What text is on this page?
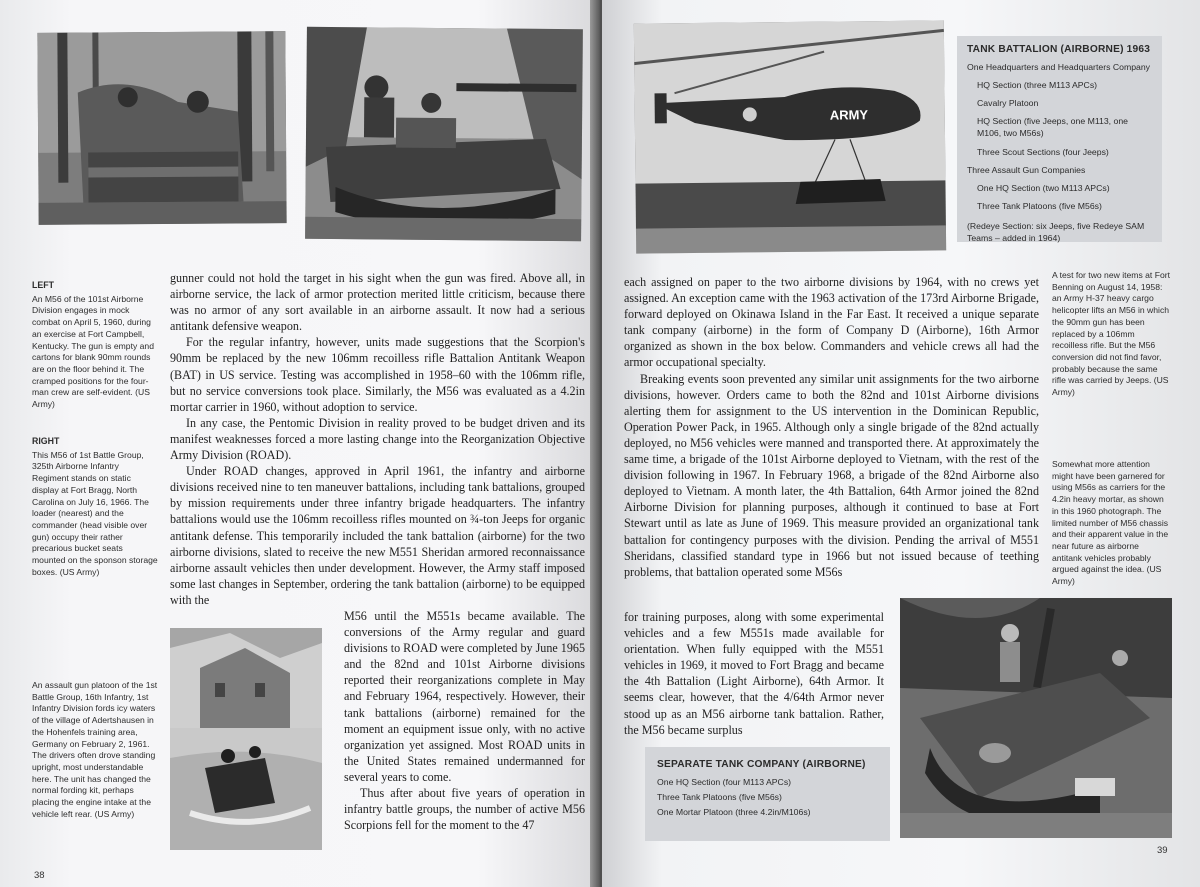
LEFT
An M56 of the 101st Airborne Division engages in mock combat on April 5, 1960, during an exercise at Fort Campbell, Kentucky. The gun is empty and cartons for blank 90mm rounds are on the floor behind it. The cramped positions for the four-man crew are self-evident. (US Army)
RIGHT
This M56 of 1st Battle Group, 325th Airborne Infantry Regiment stands on static display at Fort Bragg, North Carolina on July 16, 1966. The loader (nearest) and the commander (head visible over gun) occupy their rather precarious bucket seats mounted on the sponson storage boxes. (US Army)
An assault gun platoon of the 1st Battle Group, 16th Infantry, 1st Infantry Division fords icy waters of the village of Adertshausen in the Hohenfels training area, Germany on February 2, 1961. The drivers often drove standing upright, most understandable here. The unit has changed the normal fording kit, perhaps placing the engine intake at the vehicle left rear. (US Army)

gunner could not hold the target in his sight when the gun was fired. Above all, in airborne service, the lack of armor protection merited little criticism, because there was no armor of any sort available in an airborne assault. It now had a serious antitank defensive weapon.

For the regular infantry, however, units made suggestions that the Scorpion's 90mm be replaced by the new 106mm recoilless rifle Battalion Antitank Weapon (BAT) in US service. Testing was accomplished in 1958–60 with the 106mm rifle, but no service conversions took place. Similarly, the M56 was evaluated as a 4.2in mortar carrier in 1960, without adoption to service.

In any case, the Pentomic Division in reality proved to be budget driven and its manifest weaknesses forced a more lasting change into the Reorganization Objective Army Division (ROAD).

Under ROAD changes, approved in April 1961, the infantry and airborne divisions received nine to ten maneuver battalions, including tank battalions, grouped by mission requirements under three infantry brigade headquarters. The infantry battalions would use the 106mm recoilless rifles mounted on ¾-ton Jeeps for organic antitank defense. This temporarily included the tank battalion (airborne) for the two airborne divisions, slated to receive the new M551 Sheridan armored reconnaissance airborne assault vehicles then under development. However, the Army staff imposed some last changes in September, ordering the tank battalion (airborne) to be equipped with the

M56 until the M551s became available. The conversions of the Army regular and guard divisions to ROAD were completed by June 1965 and the 82nd and 101st Airborne divisions reported their reorganizations complete in May and February 1964, respectively. However, their tank battalions (airborne) remained for the moment an equipment issue only, with no active organization yet assigned. Most ROAD units in the United States remained undermanned for several years to come.

Thus after about five years of operation in infantry battle groups, the number of active M56 Scorpions fell for the moment to the 47

38
ARMY
TANK BATTALION (AIRBORNE) 1963
One Headquarters and Headquarters Company
HQ Section (three M113 APCs)
Cavalry Platoon
HQ Section (five Jeeps, one M113, one M106, two M56s)
Three Scout Sections (four Jeeps)
Three Assault Gun Companies
One HQ Section (two M113 APCs)
Three Tank Platoons (five M56s)
(Redeye Section: six Jeeps, five Redeye SAM Teams – added in 1964)

each assigned on paper to the two airborne divisions by 1964, with no crews yet assigned. An exception came with the 1963 activation of the 173rd Airborne Brigade, forward deployed on Okinawa Island in the Far East. It received a unique separate tank company (airborne) in the form of Company D (Airborne), 16th Armor organized as shown in the box below. Commanders and vehicle crews all had the armor occupational specialty.

Breaking events soon prevented any similar unit assignments for the two airborne divisions, however. Orders came to both the 82nd and 101st Airborne divisions alerting them for assignment to the US intervention in the Dominican Republic, Operation Power Pack, in 1965. Although only a single brigade of the 82nd actually deployed, no M56 vehicles were manned and transported there. At approximately the same time, a brigade of the 101st Airborne deployed to Vietnam, with the rest of the division following in 1967. In February 1968, a brigade of the 82nd Airborne also deployed to Vietnam. A month later, the 4th Battalion, 64th Armor joined the 82nd Airborne Division for planning purposes, although it continued to base at Fort Stewart until as late as June of 1969. This measure provided an organizational tank battalion for contingency purposes with the division. Pending the arrival of M551 Sheridans, classified standard type in 1966 but not issued because of teething problems, that battalion operated some M56s

A test for two new items at Fort Benning on August 14, 1958: an Army H-37 heavy cargo helicopter lifts an M56 in which the 90mm gun has been replaced by a 106mm recoilless rifle. But the M56 conversion did not find favor, probably because the same rifle was carried by Jeeps. (US Army)
Somewhat more attention might have been garnered for using M56s as carriers for the 4.2in heavy mortar, as shown in this 1960 photograph. The limited number of M56 chassis and their apparent value in the near future as airborne antitank vehicles probably argued against the idea. (US Army)

for training purposes, along with some experimental vehicles and a few M551s made available for orientation. When fully equipped with the M551 vehicles in 1969, it moved to Fort Bragg and became the 4th Battalion (Light Airborne), 64th Armor. It seems clear, however, that the 4/64th Armor never stood up as an M56 airborne tank battalion. Rather, the M56 became surplus

SEPARATE TANK COMPANY (AIRBORNE)
One HQ Section (four M113 APCs)
Three Tank Platoons (five M56s)
One Mortar Platoon (three 4.2in/M106s)
39
